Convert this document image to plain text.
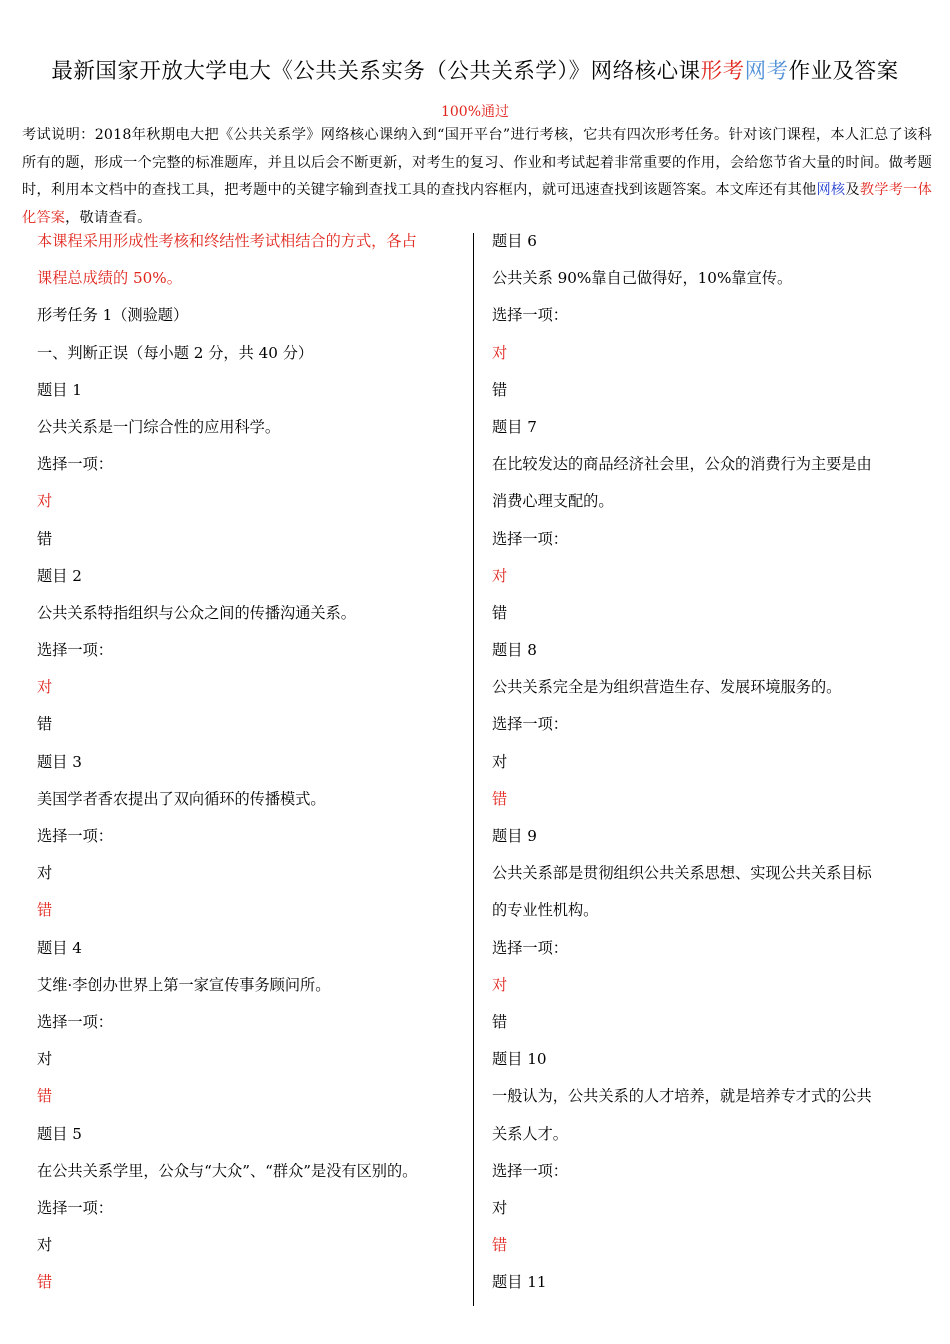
最新国家开放大学电大《公共关系实务（公共关系学）》网络核心课形考网考作业及答案
100%通过
考试说明：2018年秋期电大把《公共关系学》网络核心课纳入到“国开平台”进行考核，它共有四次形考任务。针对该门课程，本人汇总了该科所有的题，形成一个完整的标准题库，并且以后会不断更新，对考生的复习、作业和考试起着非常重要的作用，会给您节省大量的时间。做考题时，利用本文档中的查找工具，把考题中的关键字输到查找工具的查找内容框内，就可迅速查找到该题答案。本文库还有其他网核及教学考一体化答案，敬请查看。
本课程采用形成性考核和终结性考试相结合的方式，各占
课程总成绩的 50%。
形考任务 1（测验题）
一、判断正误（每小题 2 分，共 40 分）
题目 1
公共关系是一门综合性的应用科学。
选择一项：
对
错
题目 2
公共关系特指组织与公众之间的传播沟通关系。
选择一项：
对
错
题目 3
美国学者香农提出了双向循环的传播模式。
选择一项：
对
错
题目 4
艾维·李创办世界上第一家宣传事务顾问所。
选择一项：
对
错
题目 5
在公共关系学里，公众与“大众”、“群众”是没有区别的。
选择一项：
对
错
题目 6
公共关系 90%靠自己做得好，10%靠宣传。
选择一项：
对
错
题目 7
在比较发达的商品经济社会里，公众的消费行为主要是由
消费心理支配的。
选择一项：
对
错
题目 8
公共关系完全是为组织营造生存、发展环境服务的。
选择一项：
对
错
题目 9
公共关系部是贯彻组织公共关系思想、实现公共关系目标
的专业性机构。
选择一项：
对
错
题目 10
一般认为，公共关系的人才培养，就是培养专才式的公共
关系人才。
选择一项：
对
错
题目 11
